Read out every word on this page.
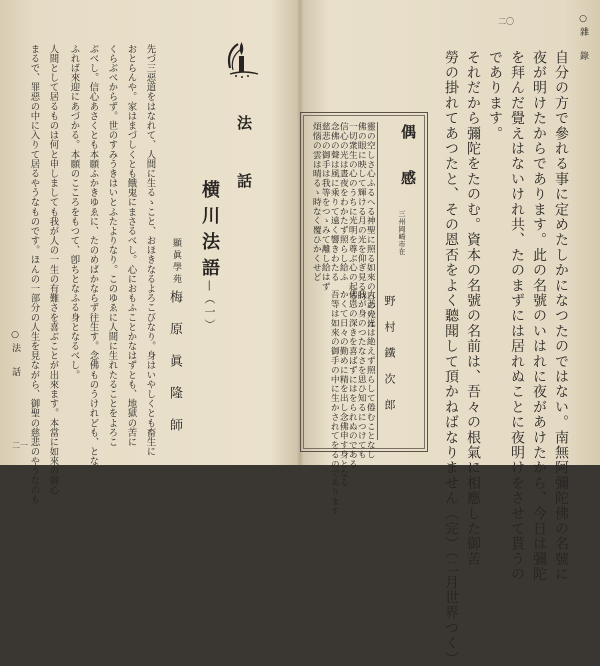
○雜　錄
二〇
自分の方で參れる事に定めたしかになつたのではない。南無阿彌陀佛の名號に
夜が明けたからであります。此の名號のいはれに夜があけたから、今日は彌陀
を拜んだ覺えはないけれ共、たのまずには居れぬことに夜明けをさせて貰うの
であります。
それだから彌陀をたのむ。資本の名號の名前は、吾々の根氣に相應した御苦
勞の掛れてあつたと、その恩否をよく聽聞して頂かねばなりません（完）（二月世界つく）
偶　感
三州岡崎市在
野　村　鐵　次　郎
靈の空しさ心ふるへる神聖に照る如來の日の光は
佛の眼に映して輝ける月の光を仰ぎ見る時
一切衆生の心のうちに光明を尊ぶ心の起る
信心の光は晝夜をわかたず照らし給ふ
念佛の聲は風に乘りて遠く響きわたる
慈悲の御手は我等をつゝみて離し給はず
煩惱の雲は晴るゝ時なく覆ひかくせど
大悲の光は絶えず照らして倦むことなし
我が身のつたなさを思ひ知るにつけても
佛恩の深きを喜ばずにはをられぬのである
かくて日々の勤めに精を出し念佛申す身となる
吾等は如來の御手の中に生かされてをるのであります
二一
○法　話
法　話
横川法語
—（一）
顯眞學苑
梅　原　眞　隆　師
先づ三惡道をはなれて、人間に生るゝこと、おほきなるよろこびなり。身はいやしくとも畜生に
おとらんや。家はまづしくとも餓鬼にまさるべし。心におもふことかなはずとも、地獄の苦に
くらぶべからず。世のすみうきはいとふたよりなり。このゆゑに人間に生れたることをよろこ
ぶべし。信心あさくとも本願ふかきゆゑに、たのめばかならず往生す。念佛ものうけれども、とな
ふれば來迎にあづかる。本願のこころをもつて、卽ちとなふる身となるべし。
人間として居るものは何と申しましても我が人の一生の有難さを喜ぶことが出來ます。本當に如來の御心
まるで、罪惡の中に入りて居るやうなものです。ほんの一部分の人生を見ながら、御聖の慈悲のやうなのも
